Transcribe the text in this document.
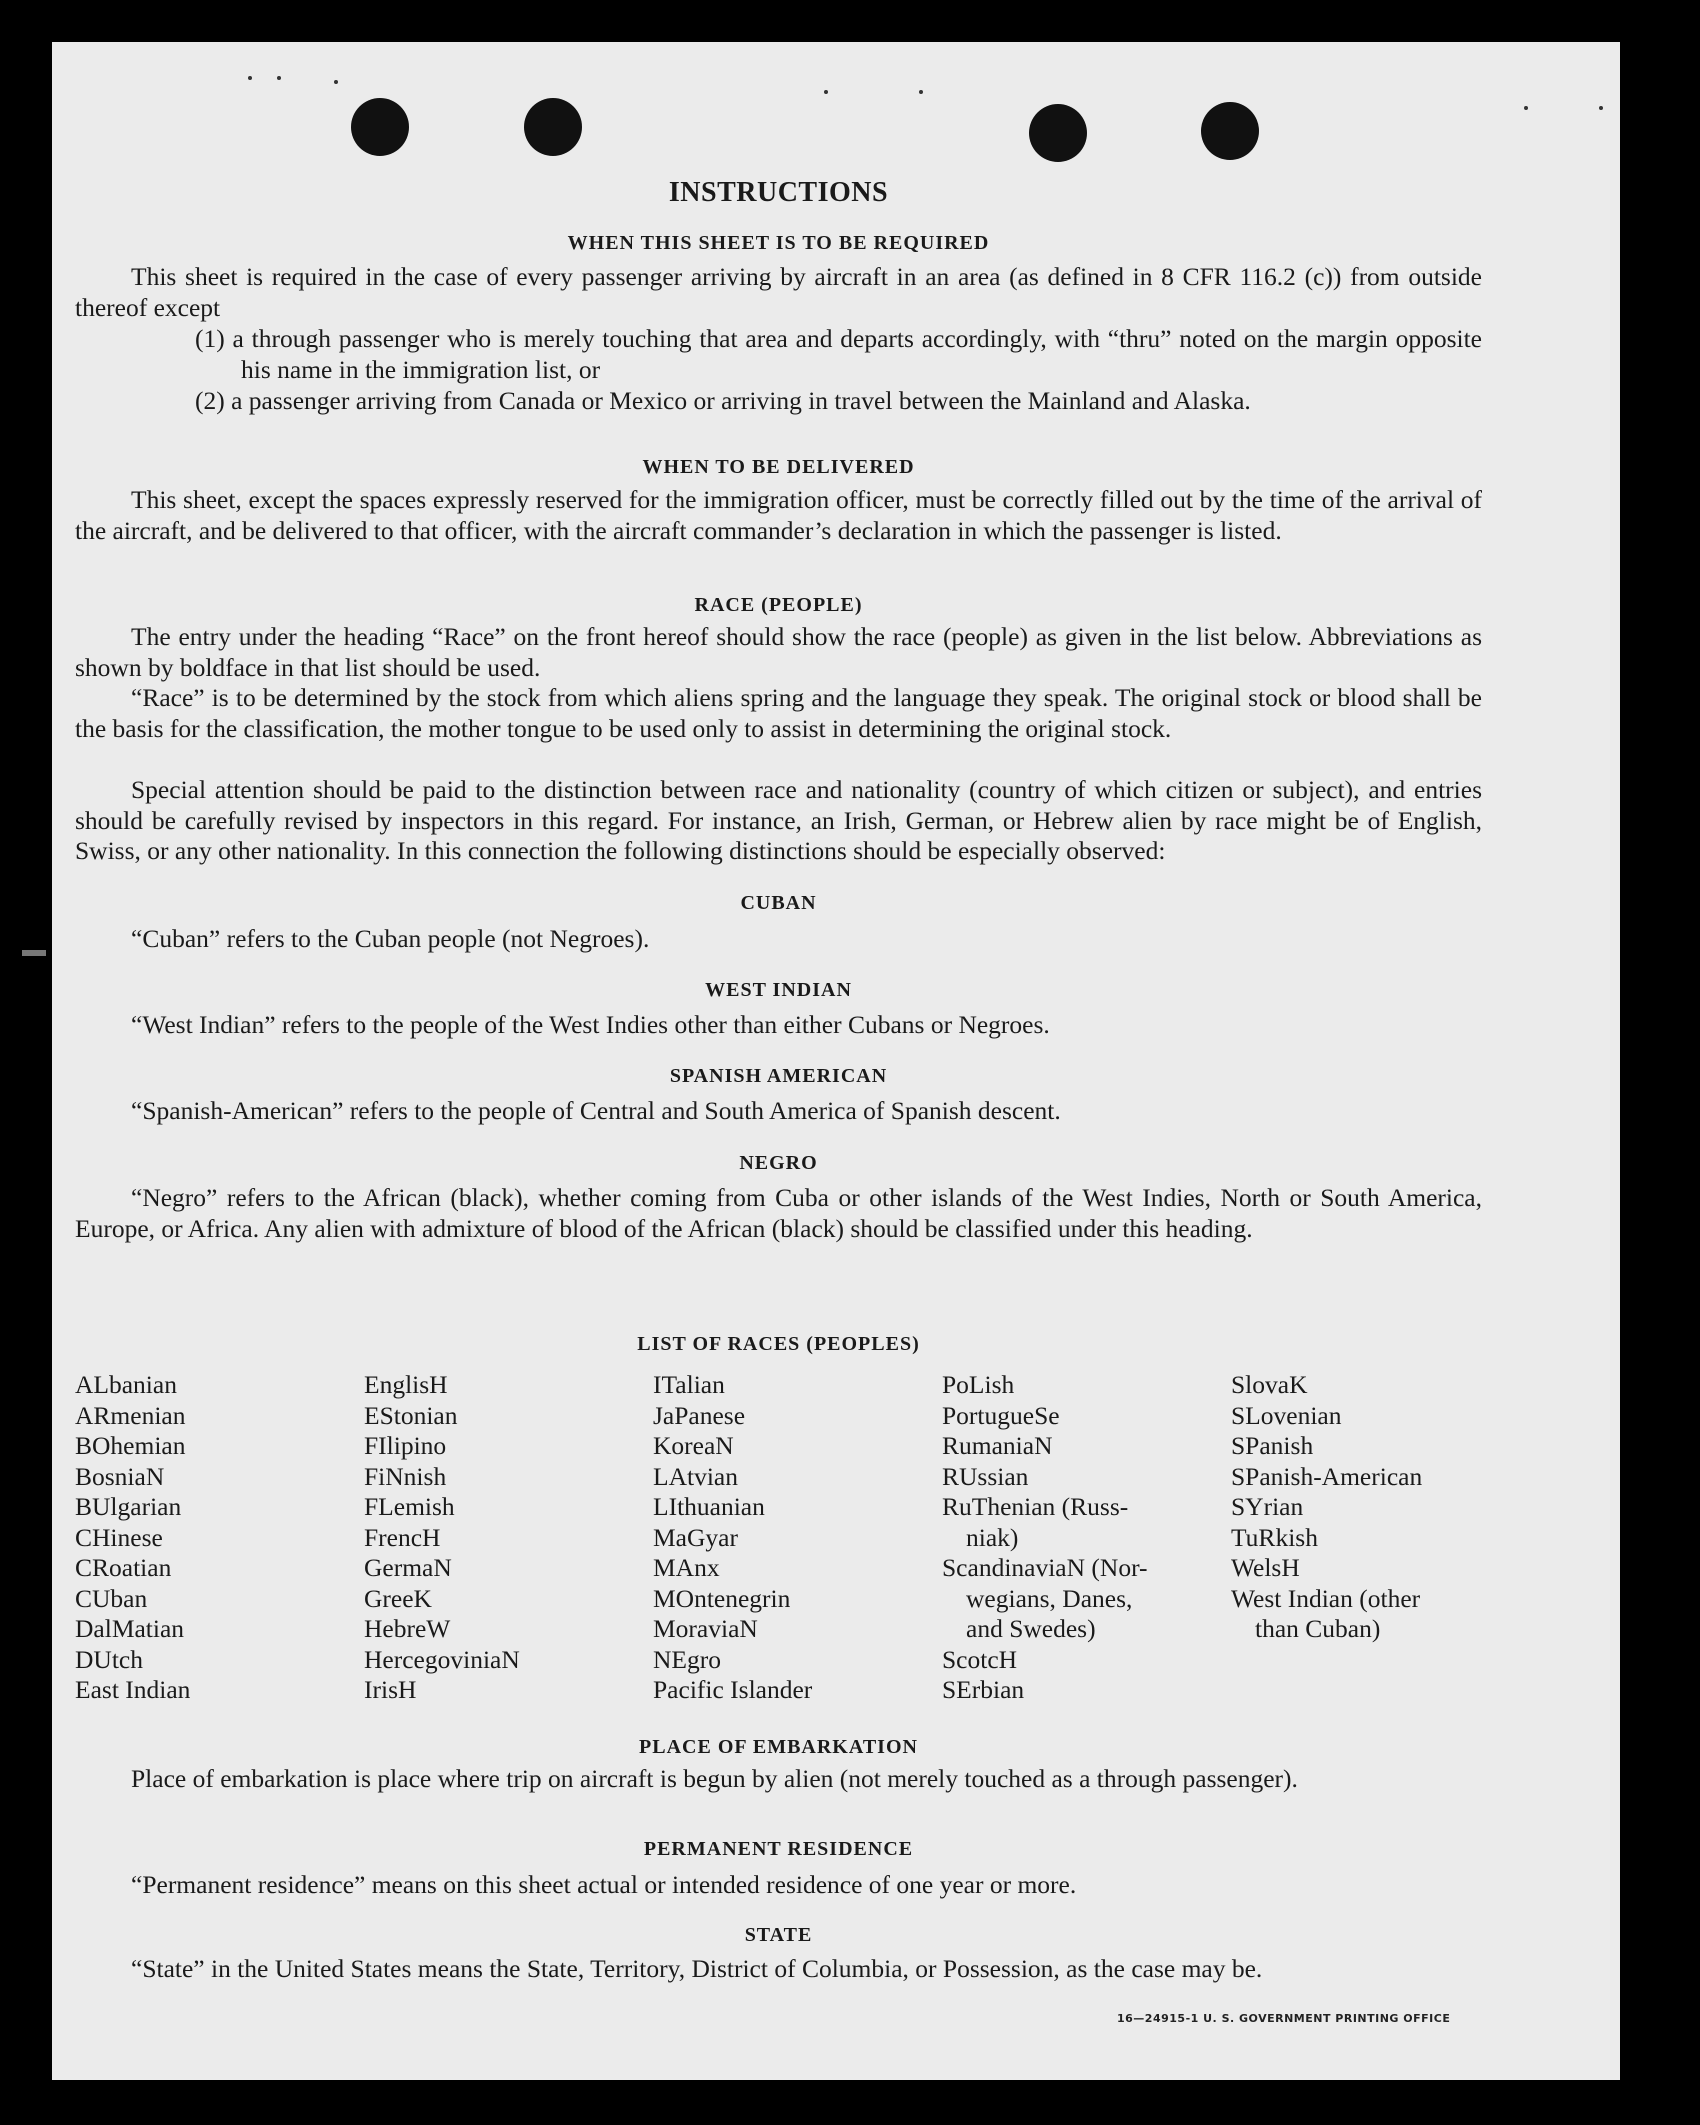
INSTRUCTIONS
WHEN THIS SHEET IS TO BE REQUIRED
This sheet is required in the case of every passenger arriving by aircraft in an area (as defined in 8 CFR 116.2 (c)) from outside thereof except
(1) a through passenger who is merely touching that area and departs accordingly, with “thru” noted on the margin opposite his name in the immigration list, or
(2) a passenger arriving from Canada or Mexico or arriving in travel between the Mainland and Alaska.
WHEN TO BE DELIVERED
This sheet, except the spaces expressly reserved for the immigration officer, must be correctly filled out by the time of the arrival of the aircraft, and be delivered to that officer, with the aircraft commander’s declaration in which the passenger is listed.
RACE (PEOPLE)
The entry under the heading “Race” on the front hereof should show the race (people) as given in the list below. Abbreviations as shown by boldface in that list should be used.
“Race” is to be determined by the stock from which aliens spring and the language they speak. The original stock or blood shall be the basis for the classification, the mother tongue to be used only to assist in determining the original stock.
Special attention should be paid to the distinction between race and nationality (country of which citizen or subject), and entries should be carefully revised by inspectors in this regard. For instance, an Irish, German, or Hebrew alien by race might be of English, Swiss, or any other nationality. In this connection the following distinctions should be especially observed:
CUBAN
“Cuban” refers to the Cuban people (not Negroes).
WEST INDIAN
“West Indian” refers to the people of the West Indies other than either Cubans or Negroes.
SPANISH AMERICAN
“Spanish-American” refers to the people of Central and South America of Spanish descent.
NEGRO
“Negro” refers to the African (black), whether coming from Cuba or other islands of the West Indies, North or South America, Europe, or Africa. Any alien with admixture of blood of the African (black) should be classified under this heading.
LIST OF RACES (PEOPLES)
ALbanian
ARmenian
BOhemian
BosniaN
BUlgarian
CHinese
CRoatian
CUban
DalMatian
DUtch
East Indian
EnglisH
EStonian
FIlipino
FiNnish
FLemish
FrencH
GermaN
GreeK
HebreW
HercegoviniaN
IrisH
ITalian
JaPanese
KoreaN
LAtvian
LIthuanian
MaGyar
MAnx
MOntenegrin
MoraviaN
NEgro
Pacific Islander
PoLish
PortugueSe
RumaniaN
RUssian
RuThenian (Russ-
niak)
ScandinaviaN (Nor-
wegians, Danes,
and Swedes)
ScotcH
SErbian
SlovaK
SLovenian
SPanish
SPanish-American
SYrian
TuRkish
WelsH
West Indian (other
than Cuban)
PLACE OF EMBARKATION
Place of embarkation is place where trip on aircraft is begun by alien (not merely touched as a through passenger).
PERMANENT RESIDENCE
“Permanent residence” means on this sheet actual or intended residence of one year or more.
STATE
“State” in the United States means the State, Territory, District of Columbia, or Possession, as the case may be.
16—24915-1 U. S. GOVERNMENT PRINTING OFFICE
